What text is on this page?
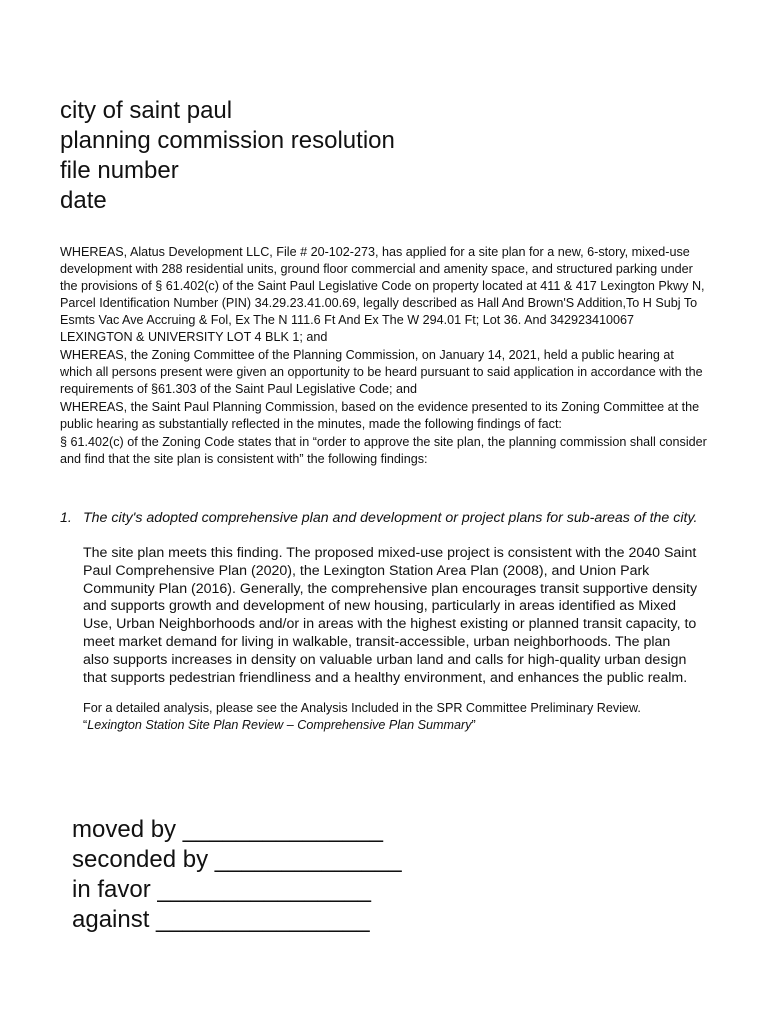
city of saint paul
planning commission resolution
file number
date

WHEREAS, Alatus Development LLC, File # 20-102-273, has applied for a site plan for a new, 6-story, mixed-use development with 288 residential units, ground floor commercial and amenity space, and structured parking under the provisions of § 61.402(c) of the Saint Paul Legislative Code on property located at 411 & 417 Lexington Pkwy N, Parcel Identification Number (PIN) 34.29.23.41.00.69, legally described as Hall And Brown'S Addition,To H Subj To Esmts Vac Ave Accruing & Fol, Ex The N 111.6 Ft And Ex The W 294.01 Ft; Lot 36. And 342923410067 LEXINGTON & UNIVERSITY LOT 4 BLK 1; and

WHEREAS, the Zoning Committee of the Planning Commission, on January 14, 2021, held a public hearing at which all persons present were given an opportunity to be heard pursuant to said application in accordance with the requirements of §61.303 of the Saint Paul Legislative Code; and

WHEREAS, the Saint Paul Planning Commission, based on the evidence presented to its Zoning Committee at the public hearing as substantially reflected in the minutes, made the following findings of fact:

§ 61.402(c) of the Zoning Code states that in “order to approve the site plan, the planning commission shall consider and find that the site plan is consistent with” the following findings:

1. The city's adopted comprehensive plan and development or project plans for sub-areas of the city.

The site plan meets this finding. The proposed mixed-use project is consistent with the 2040 Saint Paul Comprehensive Plan (2020), the Lexington Station Area Plan (2008), and Union Park Community Plan (2016). Generally, the comprehensive plan encourages transit supportive density and supports growth and development of new housing, particularly in areas identified as Mixed Use, Urban Neighborhoods and/or in areas with the highest existing or planned transit capacity, to meet market demand for living in walkable, transit-accessible, urban neighborhoods. The plan also supports increases in density on valuable urban land and calls for high-quality urban design that supports pedestrian friendliness and a healthy environment, and enhances the public realm.

For a detailed analysis, please see the Analysis Included in the SPR Committee Preliminary Review. “Lexington Station Site Plan Review – Comprehensive Plan Summary”

moved by _______________
seconded by ______________
in favor ________________
against ________________
